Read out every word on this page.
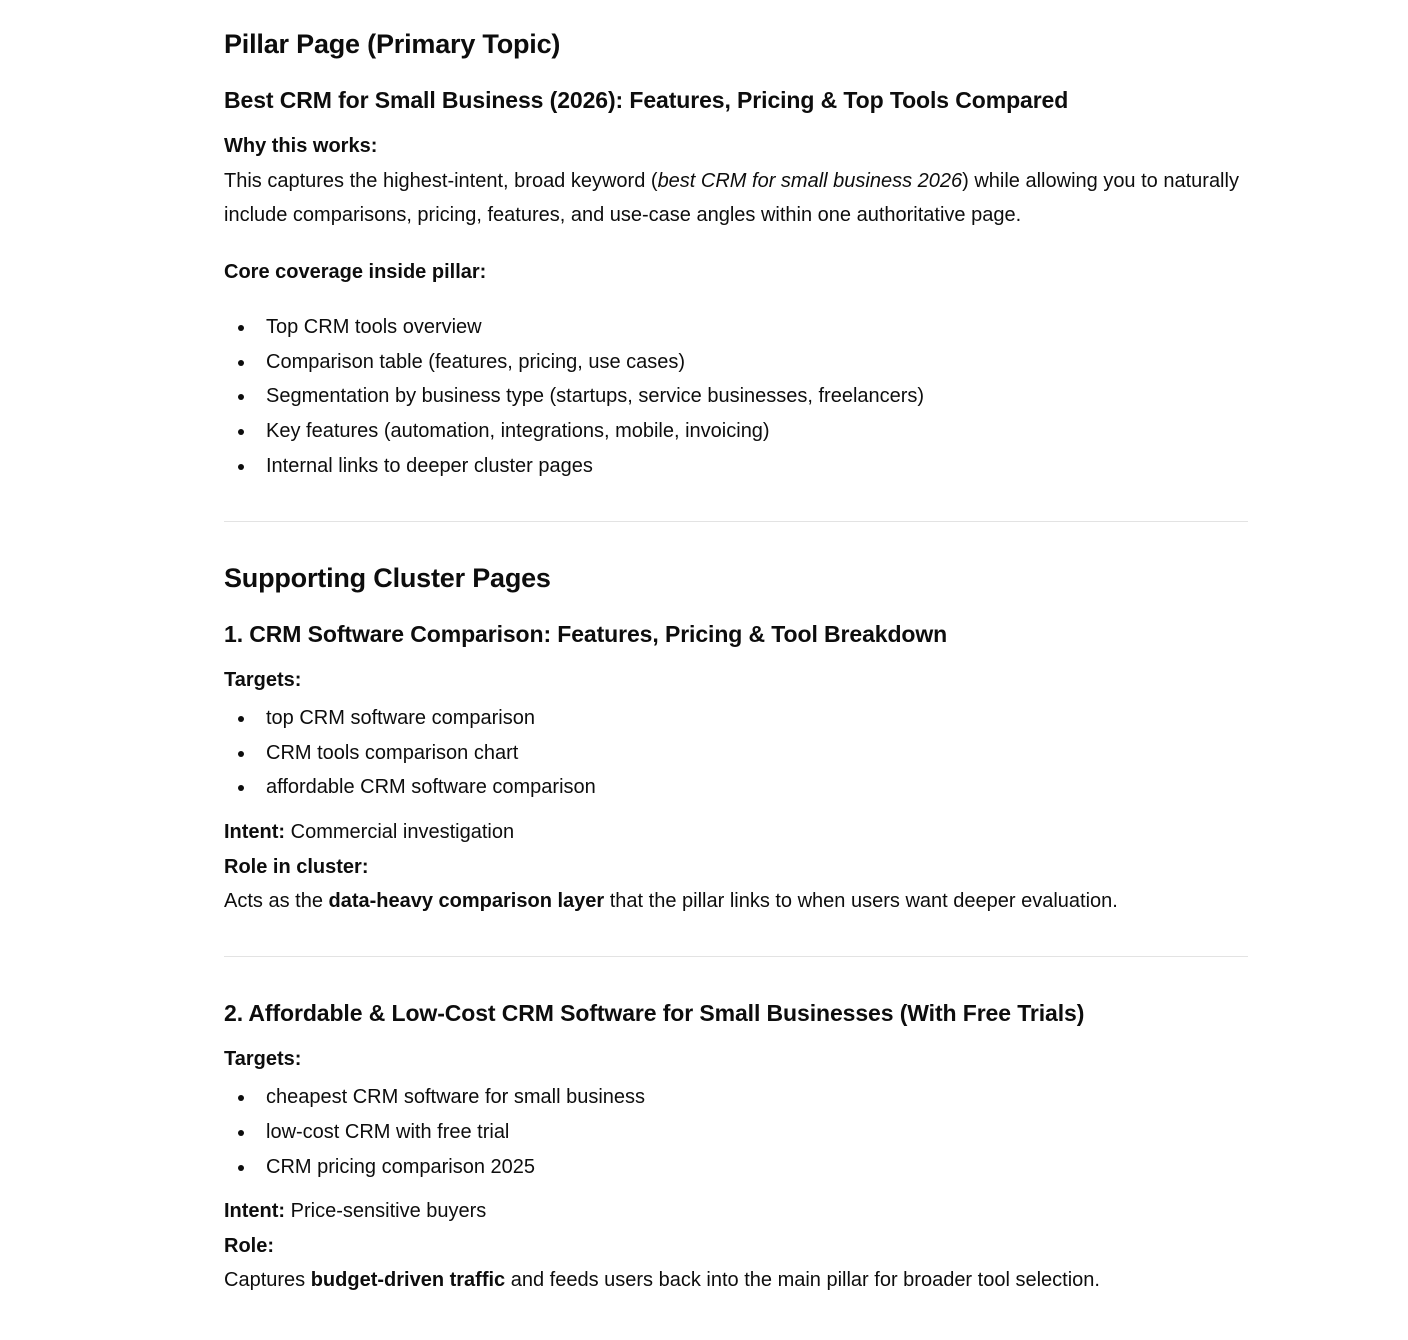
Pillar Page (Primary Topic)
Best CRM for Small Business (2026): Features, Pricing & Top Tools Compared

Why this works:

This captures the highest-intent, broad keyword (best CRM for small business 2026) while allowing you to naturally include comparisons, pricing, features, and use-case angles within one authoritative page.

Core coverage inside pillar:

Top CRM tools overview
Comparison table (features, pricing, use cases)
Segmentation by business type (startups, service businesses, freelancers)
Key features (automation, integrations, mobile, invoicing)
Internal links to deeper cluster pages
Supporting Cluster Pages
1. CRM Software Comparison: Features, Pricing & Tool Breakdown

Targets:

top CRM software comparison
CRM tools comparison chart
affordable CRM software comparison

Intent: Commercial investigation

Role in cluster:

Acts as the data-heavy comparison layer that the pillar links to when users want deeper evaluation.

2. Affordable & Low-Cost CRM Software for Small Businesses (With Free Trials)

Targets:

cheapest CRM software for small business
low-cost CRM with free trial
CRM pricing comparison 2025

Intent: Price-sensitive buyers

Role:

Captures budget-driven traffic and feeds users back into the main pillar for broader tool selection.
